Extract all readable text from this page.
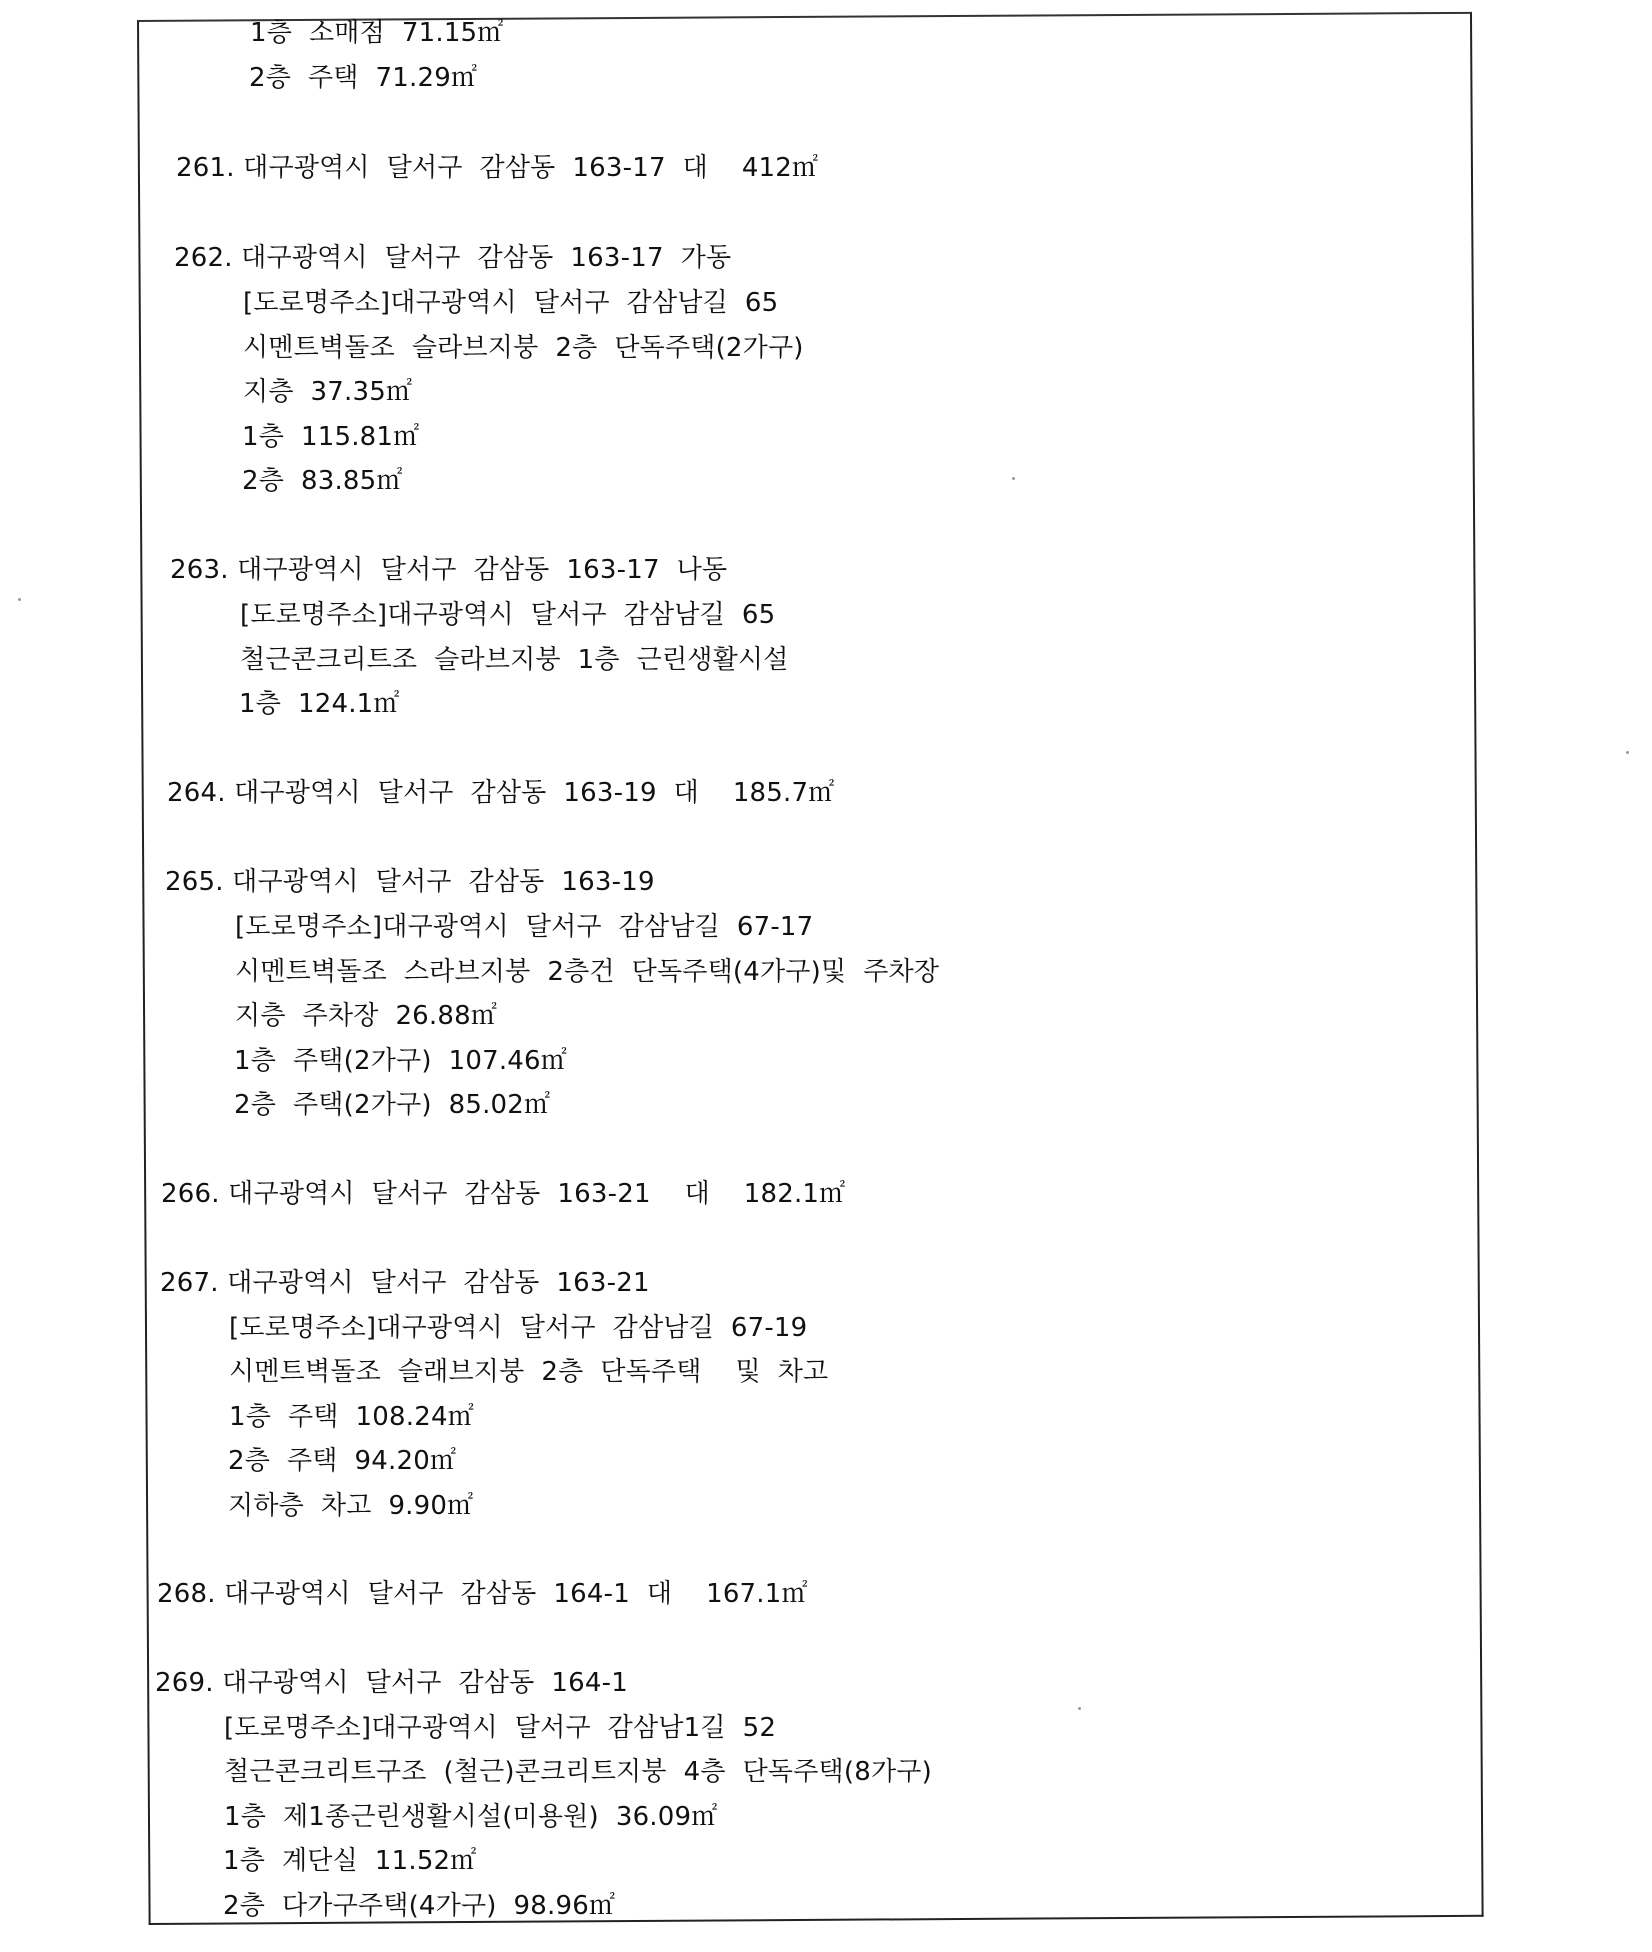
1층  소매점  71.15㎡
2층  주택  71.29㎡
261. 대구광역시  달서구  감삼동  163-17  대    412㎡
262. 대구광역시  달서구  감삼동  163-17  가동
[도로명주소]대구광역시  달서구  감삼남길  65
시멘트벽돌조  슬라브지붕  2층  단독주택(2가구)
지층  37.35㎡
1층  115.81㎡
2층  83.85㎡
263. 대구광역시  달서구  감삼동  163-17  나동
[도로명주소]대구광역시  달서구  감삼남길  65
철근콘크리트조  슬라브지붕  1층  근린생활시설
1층  124.1㎡
264. 대구광역시  달서구  감삼동  163-19  대    185.7㎡
265. 대구광역시  달서구  감삼동  163-19
[도로명주소]대구광역시  달서구  감삼남길  67-17
시멘트벽돌조  스라브지붕  2층건  단독주택(4가구)및  주차장
지층  주차장  26.88㎡
1층  주택(2가구)  107.46㎡
2층  주택(2가구)  85.02㎡
266. 대구광역시  달서구  감삼동  163-21    대    182.1㎡
267. 대구광역시  달서구  감삼동  163-21
[도로명주소]대구광역시  달서구  감삼남길  67-19
시멘트벽돌조  슬래브지붕  2층  단독주택    및  차고
1층  주택  108.24㎡
2층  주택  94.20㎡
지하층  차고  9.90㎡
268. 대구광역시  달서구  감삼동  164-1  대    167.1㎡
269. 대구광역시  달서구  감삼동  164-1
[도로명주소]대구광역시  달서구  감삼남1길  52
철근콘크리트구조  (철근)콘크리트지붕  4층  단독주택(8가구)
1층  제1종근린생활시설(미용원)  36.09㎡
1층  계단실  11.52㎡
2층  다가구주택(4가구)  98.96㎡
